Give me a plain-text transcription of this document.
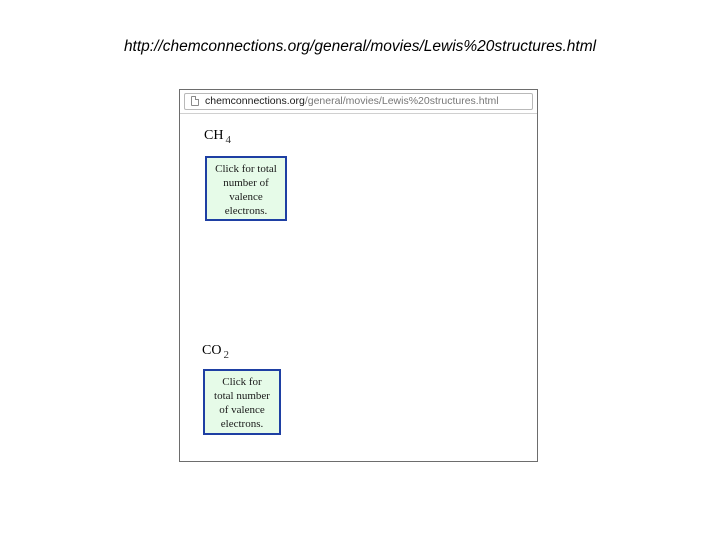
http://chemconnections.org/general/movies/Lewis%20structures.html
chemconnections.org/general/movies/Lewis%20structures.html
CH $_4$
Click for total
number of
valence
electrons.
CO $_2$
Click for
total number
of valence
electrons.
